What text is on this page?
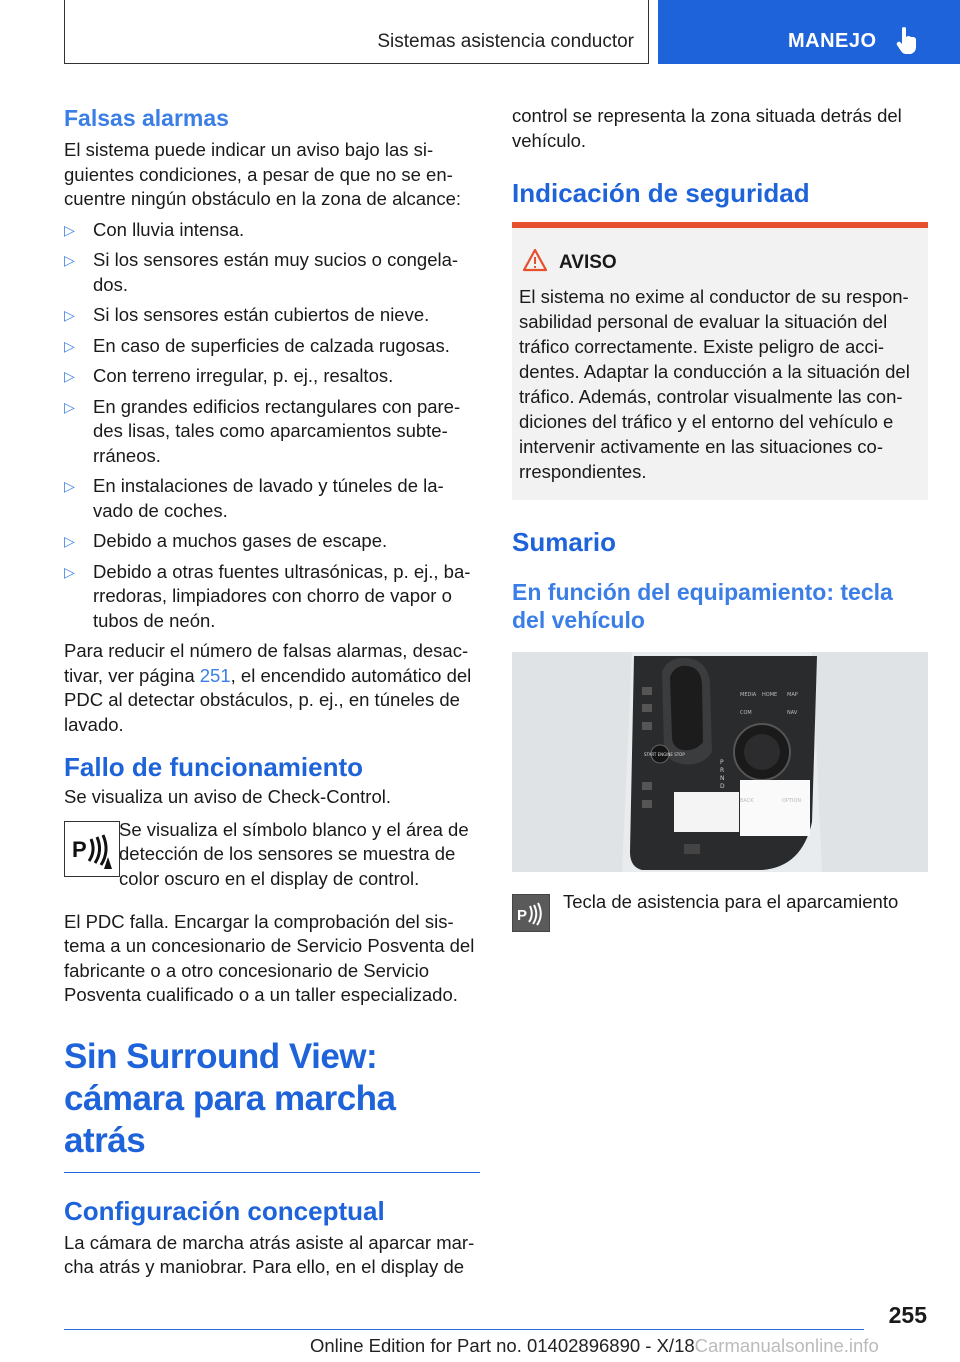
Sistemas asistencia conductor	MANEJO

Falsas alarmas

El sistema puede indicar un aviso bajo las si-guientes condiciones, a pesar de que no se en-cuentre ningún obstáculo en la zona de alcance:

▷ Con lluvia intensa.
▷ Si los sensores están muy sucios o congela-dos.
▷ Si los sensores están cubiertos de nieve.
▷ En caso de superficies de calzada rugosas.
▷ Con terreno irregular, p. ej., resaltos.
▷ En grandes edificios rectangulares con pare-des lisas, tales como aparcamientos subte-rráneos.
▷ En instalaciones de lavado y túneles de la-vado de coches.
▷ Debido a muchos gases de escape.
▷ Debido a otras fuentes ultrasónicas, p. ej., ba-rredoras, limpiadores con chorro de vapor o tubos de neón.

Para reducir el número de falsas alarmas, desac-tivar, ver página 251, el encendido automático del PDC al detectar obstáculos, p. ej., en túneles de lavado.

Fallo de funcionamiento

Se visualiza un aviso de Check-Control.

P

Se visualiza el símbolo blanco y el área de detección de los sensores se muestra de color oscuro en el display de control.

El PDC falla. Encargar la comprobación del sis-tema a un concesionario de Servicio Posventa del fabricante o a otro concesionario de Servicio Posventa cualificado o a un taller especializado.

Sin Surround View: cámara para marcha atrás

Configuración conceptual

La cámara de marcha atrás asiste al aparcar mar-cha atrás y maniobrar. Para ello, en el display de

control se representa la zona situada detrás del vehículo.

Indicación de seguridad

AVISO

El sistema no exime al conductor de su respon-sabilidad personal de evaluar la situación del tráfico correctamente. Existe peligro de acci-dentes. Adaptar la conducción a la situación del tráfico. Además, controlar visualmente las con-diciones del tráfico y el entorno del vehículo e intervenir activamente en las situaciones co-rrespondientes.

Sumario

En función del equipamiento: tecla del vehículo

P
R
N
D
MEDIA HOME MAP
COM	NAV
BACK	OPTION
START ENGINE STOP
P

Tecla de asistencia para el aparcamiento

255
Online Edition for Part no. 01402896890 - X/18Carmanualsonline.info
